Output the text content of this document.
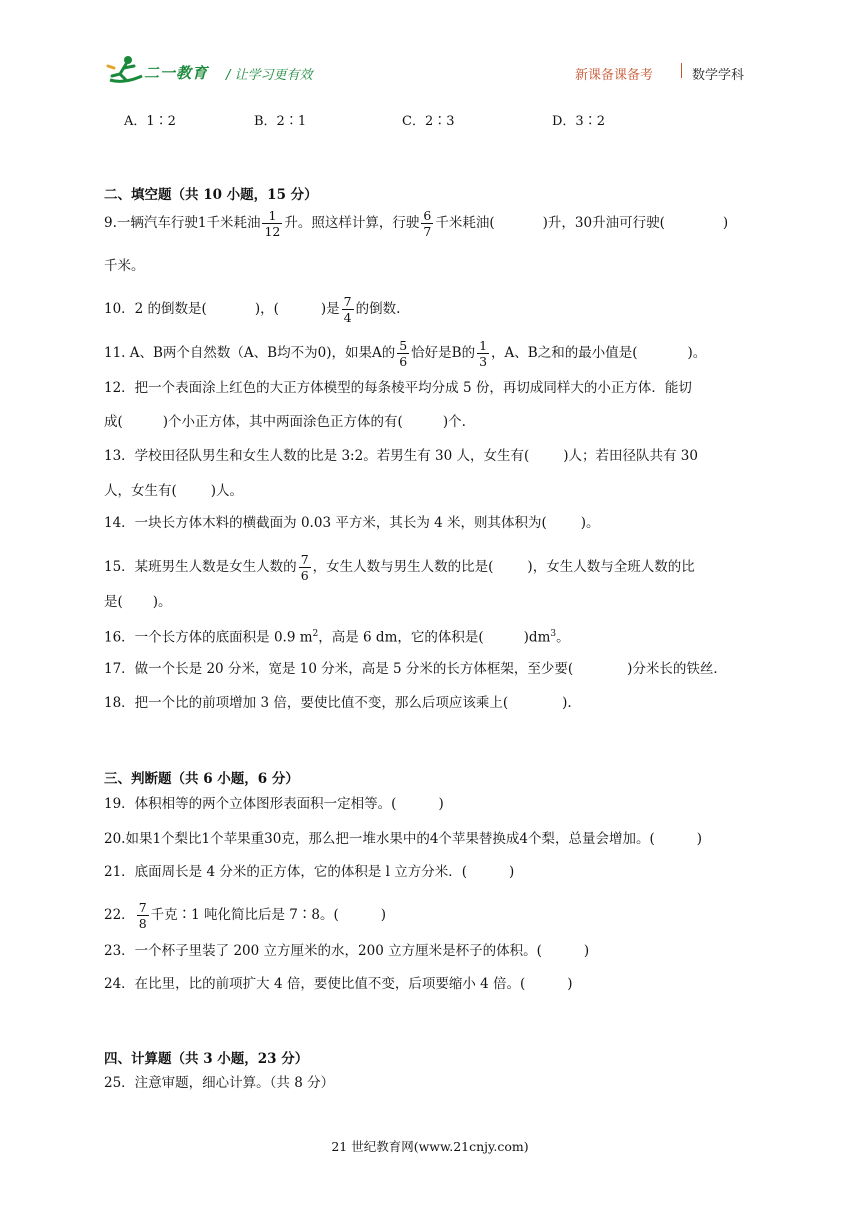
二一教育 / 让学习更有效	新课备课备考	数学学科
A．1∶2	B．2∶1	C．2∶3	D．3∶2
二、填空题（共 10 小题，15 分）
9.一辆汽车行驶1千米耗油 $\frac{1}{12}$ 升。照这样计算，行驶 $\frac{6}{7}$ 千米耗油(	)升，30升油可行驶(	)
千米。
10．2 的倒数是(	)，(	)是 $\frac{7}{4}$ 的倒数.
11. A、B两个自然数（A、B均不为0)，如果A的 $\frac{5}{6}$ 恰好是B的 $\frac{1}{3}$ ，A、B之和的最小值是(	)。
12．把一个表面涂上红色的大正方体模型的每条棱平均分成 5 份，再切成同样大的小正方体．能切
成(	)个小正方体，其中两面涂色正方体的有(	)个.
13．学校田径队男生和女生人数的比是 3:2。若男生有 30 人，女生有(	)人；若田径队共有 30
人，女生有(	)人。
14．一块长方体木料的横截面为 0.03 平方米，其长为 4 米，则其体积为(	)。
15．某班男生人数是女生人数的 $\frac{7}{6}$ ，女生人数与男生人数的比是(	)，女生人数与全班人数的比
是( )。
16．一个长方体的底面积是 0.9 $m^2$，高是 6 dm，它的体积是(	)$dm^3$。
17．做一个长是 20 分米，宽是 10 分米，高是 5 分米的长方体框架，至少要(	)分米长的铁丝．
18．把一个比的前项增加 3 倍，要使比值不变，那么后项应该乘上(	).
三、判断题（共 6 小题，6 分）
19．体积相等的两个立体图形表面积一定相等。(	)
20.如果1个梨比1个苹果重30克，那么把一堆水果中的4个苹果替换成4个梨，总量会增加。(	)
21．底面周长是 4 分米的正方体，它的体积是 l 立方分米．(	)
22． $\frac{7}{8}$ 千克∶1 吨化简比后是 7∶8。(	)
23．一个杯子里装了 200 立方厘米的水，200 立方厘米是杯子的体积。(	)
24．在比里，比的前项扩大 4 倍，要使比值不变，后项要缩小 4 倍。(	)
四、计算题（共 3 小题，23 分）
25．注意审题，细心计算。（共 8 分）
21 世纪教育网(www.21cnjy.com)
